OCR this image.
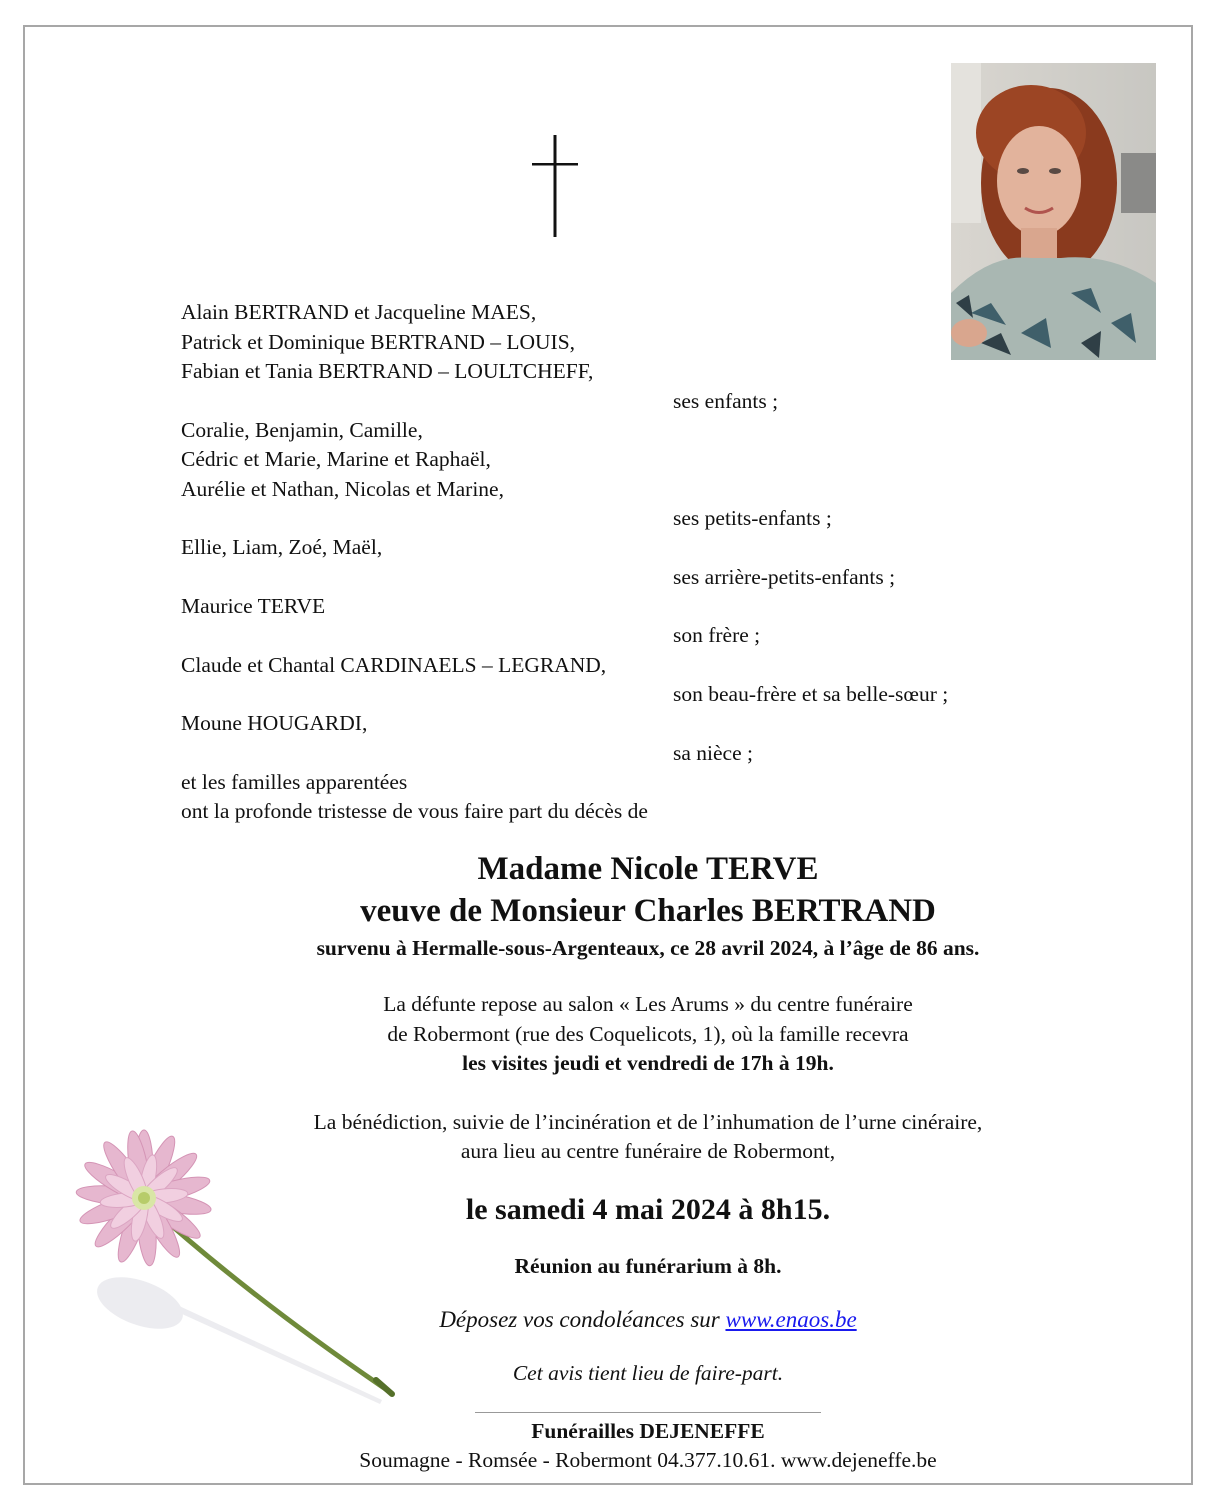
Alain BERTRAND et Jacqueline MAES,
Patrick et Dominique BERTRAND – LOUIS,
Fabian et Tania BERTRAND – LOULTCHEFF,
ses enfants ;
Coralie, Benjamin, Camille,
Cédric et Marie, Marine et Raphaël,
Aurélie et Nathan, Nicolas et Marine,
ses petits-enfants ;
Ellie, Liam, Zoé, Maël,
ses arrière-petits-enfants ;
Maurice TERVE
son frère ;
Claude et Chantal CARDINAELS – LEGRAND,
son beau-frère et sa belle-sœur ;
Moune HOUGARDI,
sa nièce ;
et les familles apparentées
ont la profonde tristesse de vous faire part du décès de
Madame Nicole TERVE
veuve de Monsieur Charles BERTRAND
survenu à Hermalle-sous-Argenteaux, ce 28 avril 2024, à l’âge de 86 ans.
La défunte repose au salon « Les Arums » du centre funéraire
de Robermont (rue des Coquelicots, 1), où la famille recevra
les visites jeudi et vendredi de 17h à 19h.
La bénédiction, suivie de l’incinération et de l’inhumation de l’urne cinéraire,
aura lieu au centre funéraire de Robermont,
le samedi 4 mai 2024 à 8h15.
Réunion au funérarium à 8h.
Déposez vos condoléances sur www.enaos.be
Cet avis tient lieu de faire-part.
Funérailles DEJENEFFE
Soumagne - Romsée - Robermont 04.377.10.61. www.dejeneffe.be
